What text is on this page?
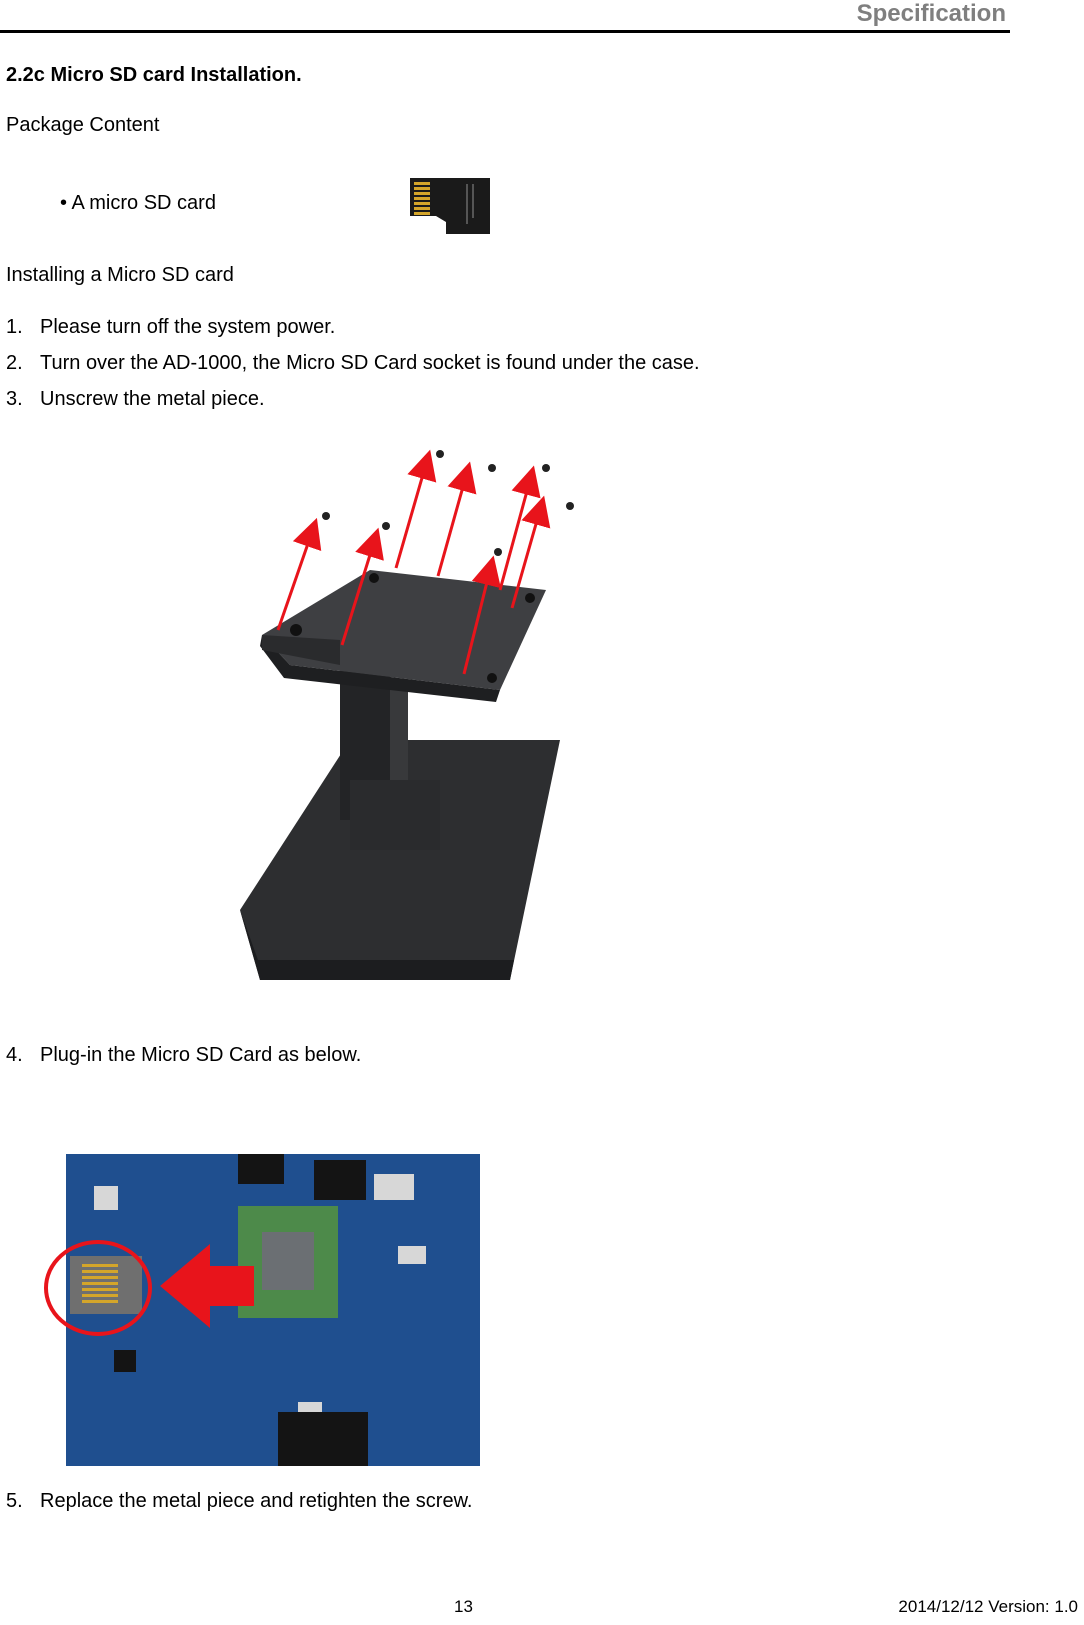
Specification
2.2c Micro SD card Installation.
Package Content
• A micro SD card
Installing a Micro SD card
1. Please turn off the system power.
2. Turn over the AD-1000, the Micro SD Card socket is found under the case.
3. Unscrew the metal piece.
4. Plug-in the Micro SD Card as below.
5. Replace the metal piece and retighten the screw.
13	2014/12/12 Version: 1.0
